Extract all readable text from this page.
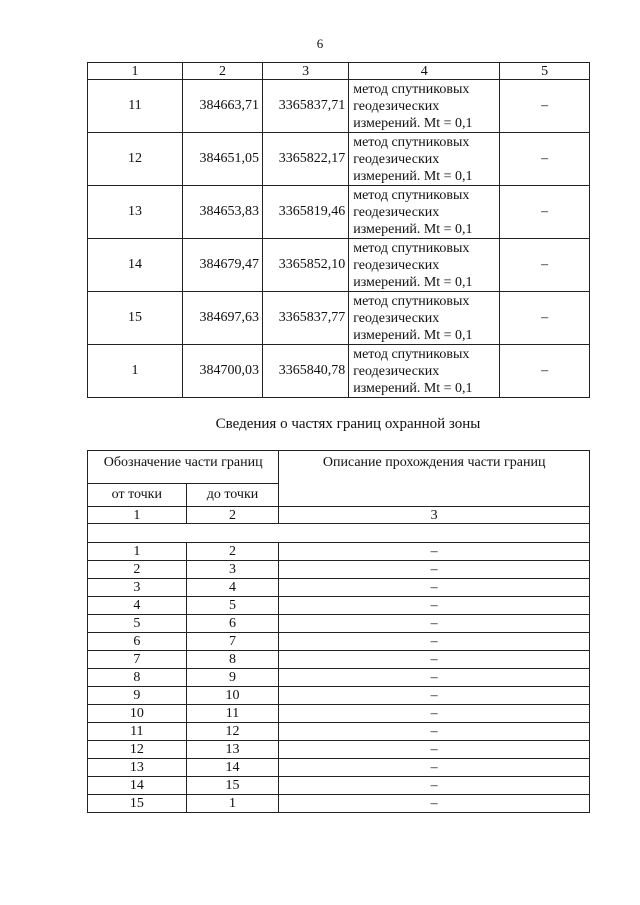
6
1	2	3	4	5
11	384663,71	3365837,71	метод спутниковых
геодезических
измерений. Mt = 0,1	–
12	384651,05	3365822,17	метод спутниковых
геодезических
измерений. Mt = 0,1	–
13	384653,83	3365819,46	метод спутниковых
геодезических
измерений. Mt = 0,1	–
14	384679,47	3365852,10	метод спутниковых
геодезических
измерений. Mt = 0,1	–
15	384697,63	3365837,77	метод спутниковых
геодезических
измерений. Mt = 0,1	–
1	384700,03	3365840,78	метод спутниковых
геодезических
измерений. Mt = 0,1	–
Сведения о частях границ охранной зоны
Обозначение части границ		Описание прохождения части границ
от точки	до точки	
1	2	3

1	2	–
2	3	–
3	4	–
4	5	–
5	6	–
6	7	–
7	8	–
8	9	–
9	10	–
10	11	–
11	12	–
12	13	–
13	14	–
14	15	–
15	1	–
